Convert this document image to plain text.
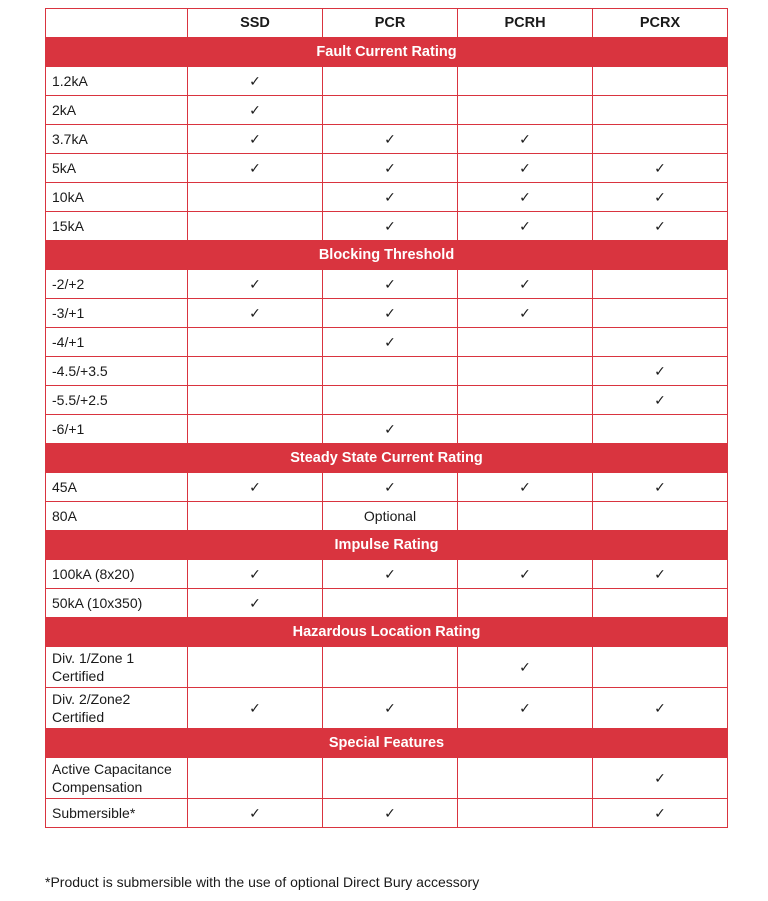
	SSD	PCR	PCRH	PCRX
Fault Current Rating				
1.2kA	✓			
2kA	✓			
3.7kA	✓	✓	✓	
5kA	✓	✓	✓	✓
10kA		✓	✓	✓
15kA		✓	✓	✓
Blocking Threshold				
-2/+2	✓	✓	✓	
-3/+1	✓	✓	✓	
-4/+1		✓		
-4.5/+3.5				✓
-5.5/+2.5				✓
-6/+1		✓		
Steady State Current Rating				
45A	✓	✓	✓	✓
80A		Optional		
Impulse Rating				
100kA (8x20)	✓	✓	✓	✓
50kA (10x350)	✓			
Hazardous Location Rating				
Div. 1/Zone 1
Certified			✓	
Div. 2/Zone2
Certified	✓	✓	✓	✓
Special Features				
Active Capacitance
Compensation				✓
Submersible*	✓	✓		✓
*Product is submersible with the use of optional Direct Bury accessory
